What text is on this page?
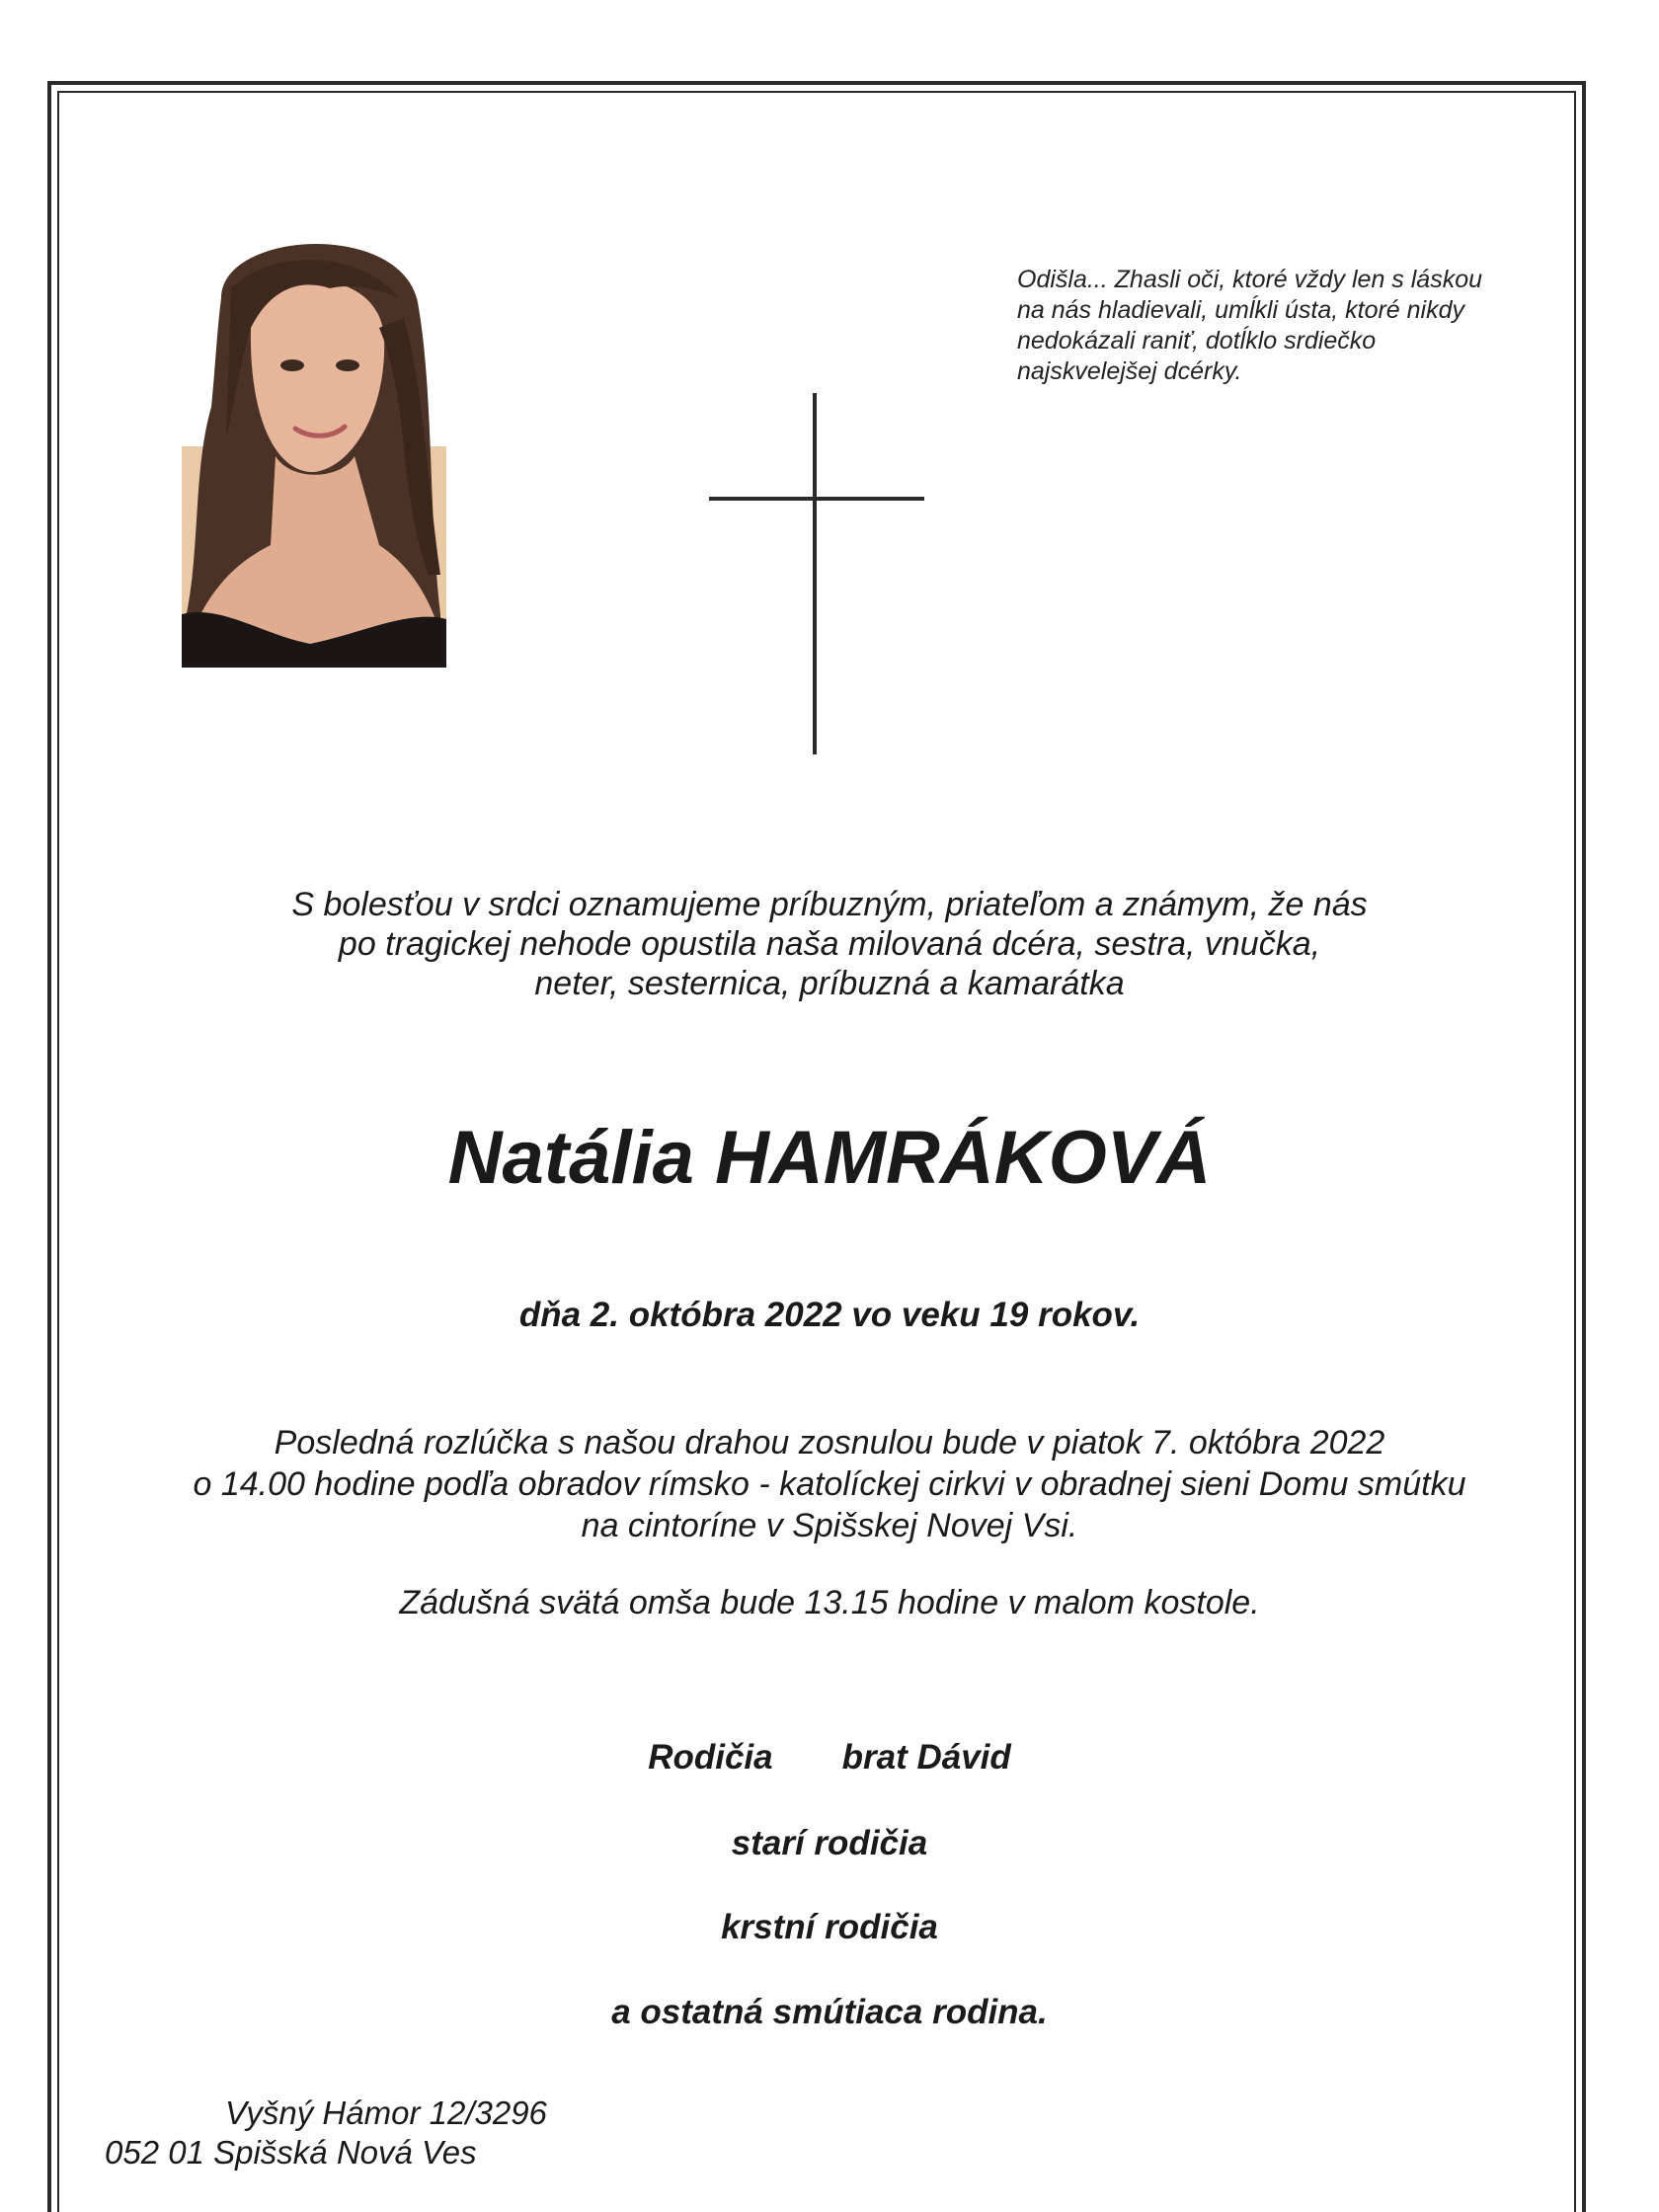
Odišla... Zhasli oči, ktoré vždy len s láskou
na nás hladievali, umĺkli ústa, ktoré nikdy
nedokázali raniť, dotĺklo srdiečko
najskvelejšej dcérky.
S bolesťou v srdci oznamujeme príbuzným, priateľom a známym, že nás
po tragickej nehode opustila naša milovaná dcéra, sestra, vnučka,
neter, sesternica, príbuzná a kamarátka
Natália HAMRÁKOVÁ
dňa 2. októbra 2022 vo veku 19 rokov.
Posledná rozlúčka s našou drahou zosnulou bude v piatok 7. októbra 2022
o 14.00 hodine podľa obradov rímsko - katolíckej cirkvi v obradnej sieni Domu smútku
na cintoríne v Spišskej Novej Vsi.
Zádušná svätá omša bude 13.15 hodine v malom kostole.
Rodičia brat Dávid
starí rodičia
krstní rodičia
a ostatná smútiaca rodina.
Vyšný Hámor 12/3296
052 01 Spišská Nová Ves
